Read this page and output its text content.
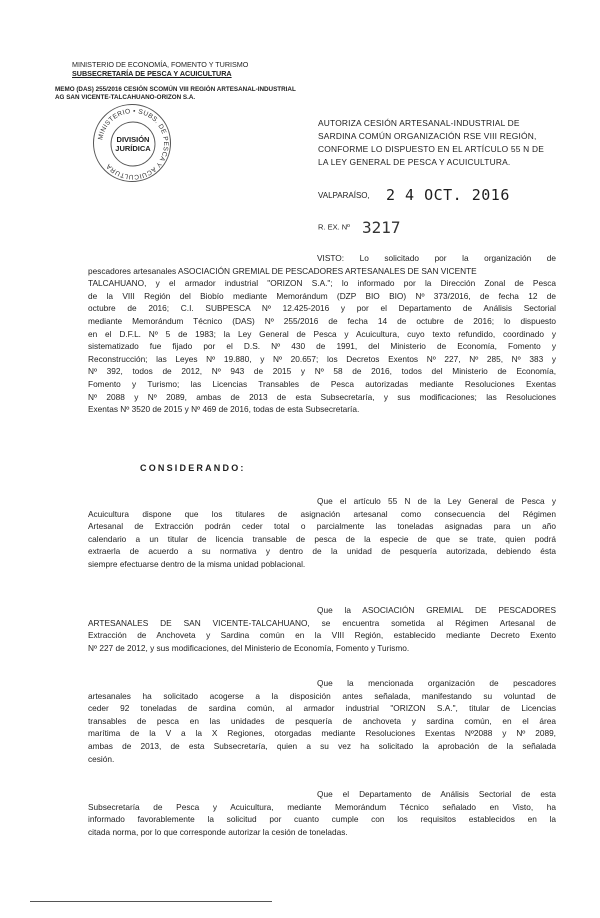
MINISTERIO DE ECONOMÍA, FOMENTO Y TURISMO
SUBSECRETARÍA DE PESCA Y ACUICULTURA
MEMO (DAS) 255/2016 CESIÓN SCOMÚN VIII REGIÓN ARTESANAL-INDUSTRIAL
AG SAN VICENTE-TALCAHUANO-ORIZON S.A.
MINISTERIO • SUBS. DE PESCA Y ACUICULTURA
DIVISIÓN
JURÍDICA
AUTORIZA CESIÓN ARTESANAL-INDUSTRIAL DE
SARDINA COMÚN ORGANIZACIÓN RSE VIII REGIÓN,
CONFORME LO DISPUESTO EN EL ARTÍCULO 55 N DE
LA LEY GENERAL DE PESCA Y ACUICULTURA.
VALPARAÍSO, 2 4 OCT. 2016
R. EX. Nº 3217
VISTO: Lo solicitado por la organización de
pescadores artesanales ASOCIACIÓN GREMIAL DE PESCADORES ARTESANALES DE SAN VICENTE
TALCAHUANO, y el armador industrial "ORIZON S.A."; lo informado por la Dirección Zonal de Pesca
de la VIII Región del Biobío mediante Memorándum (DZP BIO BIO) Nº 373/2016, de fecha 12 de
octubre de 2016; C.I. SUBPESCA Nº 12.425-2016 y por el Departamento de Análisis Sectorial
mediante Memorándum Técnico (DAS) Nº 255/2016 de fecha 14 de octubre de 2016; lo dispuesto
en el D.F.L. Nº 5 de 1983; la Ley General de Pesca y Acuicultura, cuyo texto refundido, coordinado y
sistematizado fue fijado por el D.S. Nº 430 de 1991, del Ministerio de Economía, Fomento y
Reconstrucción; las Leyes Nº 19.880, y Nº 20.657; los Decretos Exentos Nº 227, Nº 285, Nº 383 y
Nº 392, todos de 2012, Nº 943 de 2015 y Nº 58 de 2016, todos del Ministerio de Economía,
Fomento y Turismo; las Licencias Transables de Pesca autorizadas mediante Resoluciones Exentas
Nº 2088 y Nº 2089, ambas de 2013 de esta Subsecretaría, y sus modificaciones; las Resoluciones
Exentas Nº 3520 de 2015 y Nº 469 de 2016, todas de esta Subsecretaría.
CONSIDERANDO:
Que el artículo 55 N de la Ley General de Pesca y
Acuicultura dispone que los titulares de asignación artesanal como consecuencia del Régimen
Artesanal de Extracción podrán ceder total o parcialmente las toneladas asignadas para un año
calendario a un titular de licencia transable de pesca de la especie de que se trate, quien podrá
extraerla de acuerdo a su normativa y dentro de la unidad de pesquería autorizada, debiendo ésta
siempre efectuarse dentro de la misma unidad poblacional.
Que la ASOCIACIÓN GREMIAL DE PESCADORES
ARTESANALES DE SAN VICENTE-TALCAHUANO, se encuentra sometida al Régimen Artesanal de
Extracción de Anchoveta y Sardina común en la VIII Región, establecido mediante Decreto Exento
Nº 227 de 2012, y sus modificaciones, del Ministerio de Economía, Fomento y Turismo.
Que la mencionada organización de pescadores
artesanales ha solicitado acogerse a la disposición antes señalada, manifestando su voluntad de
ceder 92 toneladas de sardina común, al armador industrial "ORIZON S.A.", titular de Licencias
transables de pesca en las unidades de pesquería de anchoveta y sardina común, en el área
marítima de la V a la X Regiones, otorgadas mediante Resoluciones Exentas Nº2088 y Nº 2089,
ambas de 2013, de esta Subsecretaría, quien a su vez ha solicitado la aprobación de la señalada
cesión.
Que el Departamento de Análisis Sectorial de esta
Subsecretaría de Pesca y Acuicultura, mediante Memorándum Técnico señalado en Visto, ha
informado favorablemente la solicitud por cuanto cumple con los requisitos establecidos en la
citada norma, por lo que corresponde autorizar la cesión de toneladas.
